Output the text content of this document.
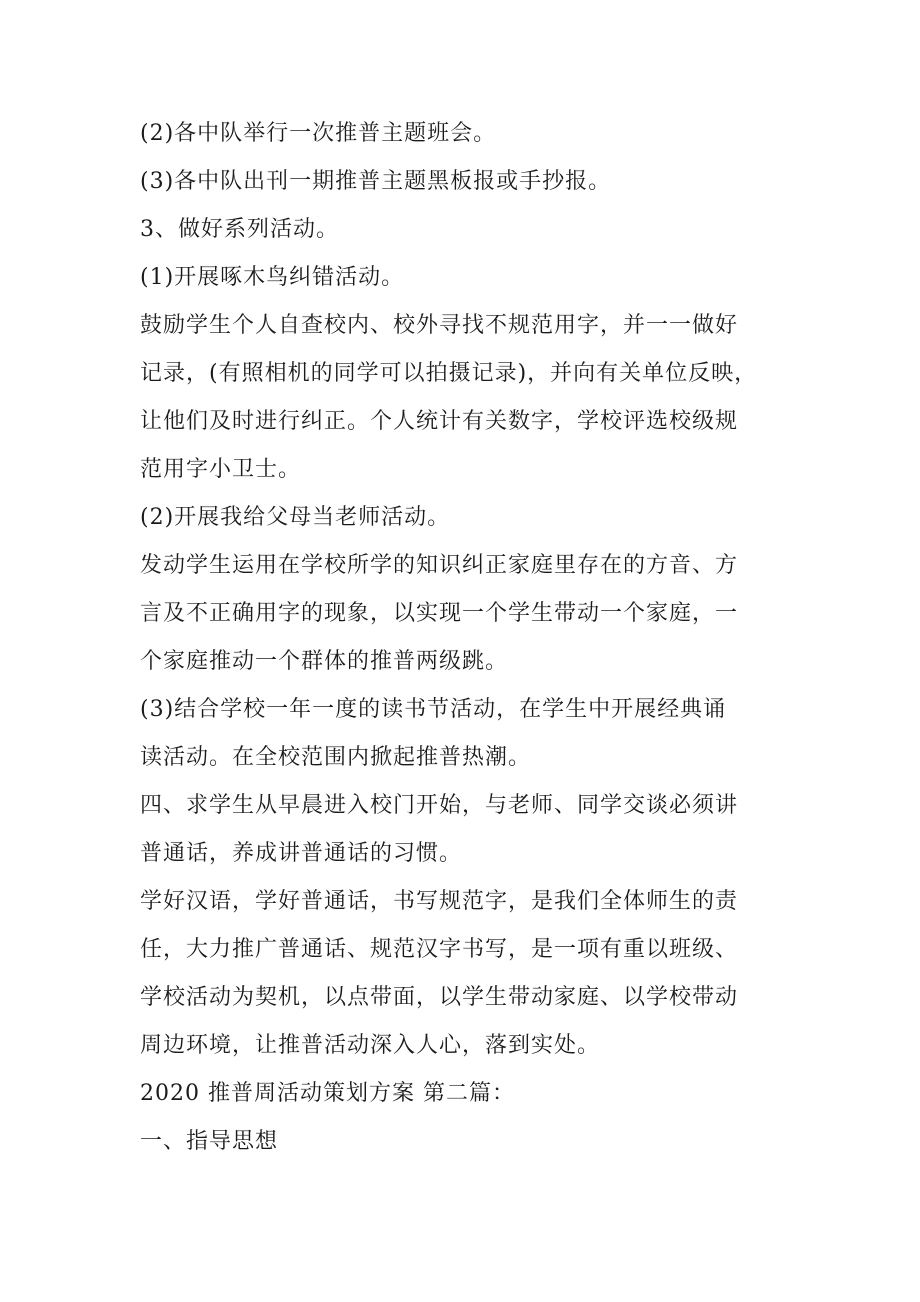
(2)各中队举行一次推普主题班会。
(3)各中队出刊一期推普主题黑板报或手抄报。
3、做好系列活动。
(1)开展啄木鸟纠错活动。
鼓励学生个人自查校内、校外寻找不规范用字，并一一做好
记录，(有照相机的同学可以拍摄记录)，并向有关单位反映，
让他们及时进行纠正。个人统计有关数字，学校评选校级规
范用字小卫士。
(2)开展我给父母当老师活动。
发动学生运用在学校所学的知识纠正家庭里存在的方音、方
言及不正确用字的现象，以实现一个学生带动一个家庭，一
个家庭推动一个群体的推普两级跳。
(3)结合学校一年一度的读书节活动，在学生中开展经典诵
读活动。在全校范围内掀起推普热潮。
四、求学生从早晨进入校门开始，与老师、同学交谈必须讲
普通话，养成讲普通话的习惯。
学好汉语，学好普通话，书写规范字，是我们全体师生的责
任，大力推广普通话、规范汉字书写，是一项有重以班级、
学校活动为契机，以点带面，以学生带动家庭、以学校带动
周边环境，让推普活动深入人心，落到实处。
2020 推普周活动策划方案 第二篇：
一、指导思想
